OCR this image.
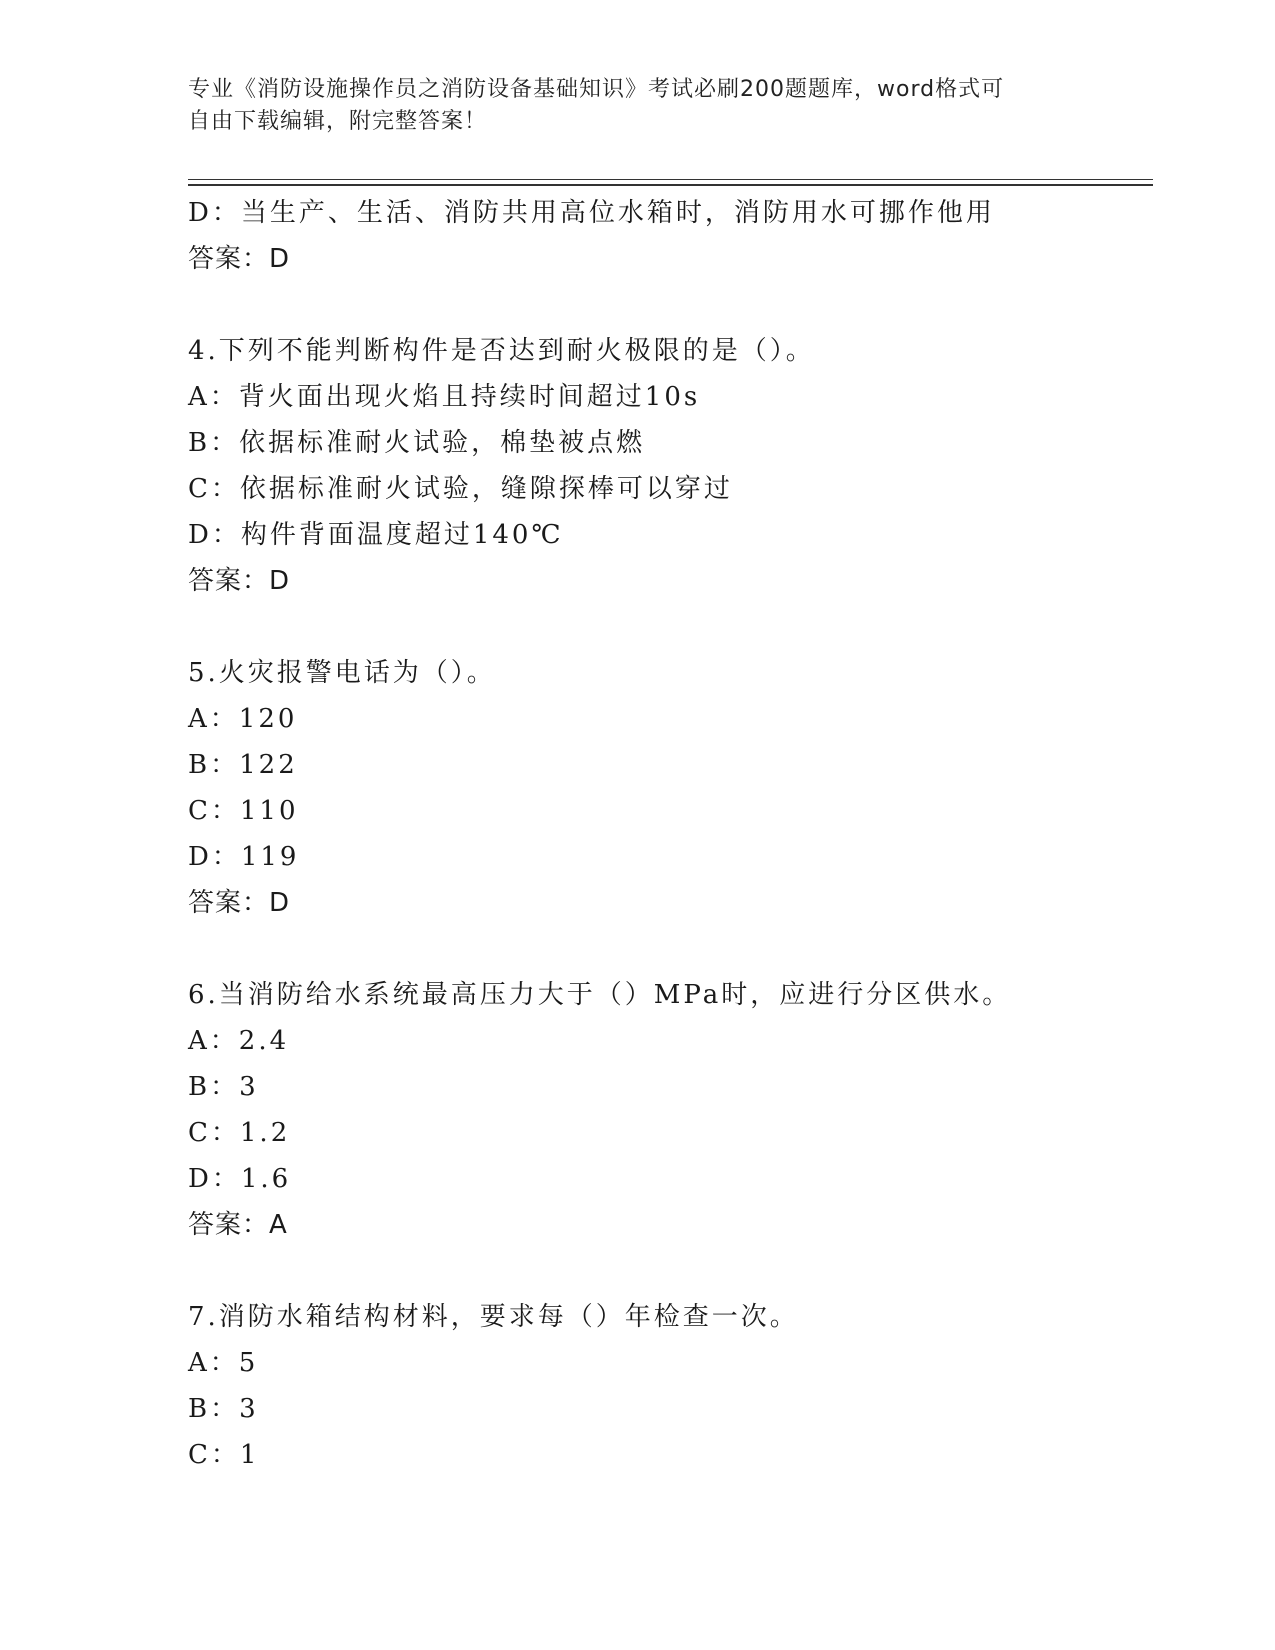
专业《消防设施操作员之消防设备基础知识》考试必刷200题题库，word格式可
自由下载编辑，附完整答案！
D：当生产、生活、消防共用高位水箱时，消防用水可挪作他用
答案：D
4.下列不能判断构件是否达到耐火极限的是（）。
A：背火面出现火焰且持续时间超过10s
B：依据标准耐火试验，棉垫被点燃
C：依据标准耐火试验，缝隙探棒可以穿过
D：构件背面温度超过140℃
答案：D
5.火灾报警电话为（）。
A：120
B：122
C：110
D：119
答案：D
6.当消防给水系统最高压力大于（）MPa时，应进行分区供水。
A：2.4
B：3
C：1.2
D：1.6
答案：A
7.消防水箱结构材料，要求每（）年检查一次。
A：5
B：3
C：1
